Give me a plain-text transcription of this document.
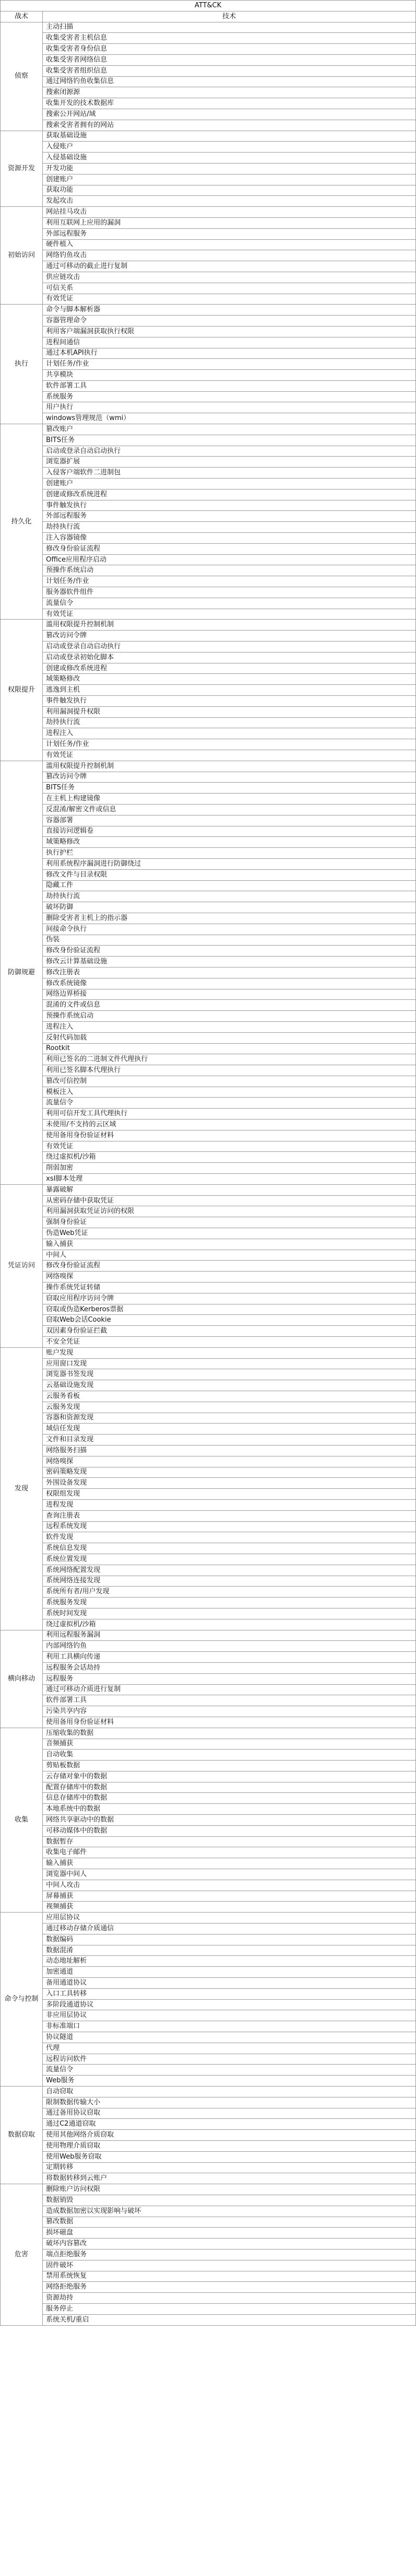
ATT&CK	
战术	技术
侦察	主动扫描
	收集受害者主机信息
	收集受害者身份信息
	收集受害者网络信息
	收集受害者组织信息
	通过网络钓鱼收集信息
	搜索闭源源
	收集开发的技术数据库
	搜索公开网站/域
	搜索受害者拥有的网站
资源开发	获取基础设施
	入侵账户
	入侵基础设施
	开发功能
	创建账户
	获取功能
	发起攻击
初始访问	网站挂马攻击
	利用互联网上应用的漏洞
	外部远程服务
	硬件植入
	网络钓鱼攻击
	通过可移动的截止进行复制
	供应链攻击
	可信关系
	有效凭证
执行	命令与脚本解析器
	容器管理命令
	利用客户端漏洞获取执行权限
	进程间通信
	通过本机API执行
	计划任务/作业
	共享模块
	软件部署工具
	系统服务
	用户执行
	windows管理规范（wmi）
持久化	篡改账户
	BITS任务
	启动或登录自动启动执行
	浏览器扩展
	入侵客户端软件二进制包
	创建账户
	创建或修改系统进程
	事件触发执行
	外部远程服务
	劫持执行流
	注入容器镜像
	修改身份验证流程
	Office应用程序启动
	预操作系统启动
	计划任务/作业
	服务器软件组件
	流量信令
	有效凭证
权限提升	滥用权限提升控制机制
	篡改访问令牌
	启动或登录自动启动执行
	启动或登录初始化脚本
	创建或修改系统进程
	域策略修改
	逃逸到主机
	事件触发执行
	利用漏洞提升权限
	劫持执行流
	进程注入
	计划任务/作业
	有效凭证
防御规避	滥用权限提升控制机制
	篡改访问令牌
	BITS任务
	在主机上构建镜像
	反混淆/解密文件或信息
	容器部署
	直接访问逻辑卷
	域策略修改
	执行护栏
	利用系统程序漏洞进行防御绕过
	修改文件与目录权限
	隐藏工件
	劫持执行流
	破坏防御
	删除受害者主机上的指示器
	间接命令执行
	伪装
	修改身份验证流程
	修改云计算基础设施
	修改注册表
	修改系统镜像
	网络边界桥接
	混淆的文件或信息
	预操作系统启动
	进程注入
	反射代码加载
	Rootkit
	利用已签名的二进制文件代理执行
	利用已签名脚本代理执行
	篡改可信控制
	模板注入
	流量信令
	利用可信开发工具代理执行
	未使用/不支持的云区域
	使用备用身份验证材料
	有效凭证
	绕过虚拟机/沙箱
	削弱加密
	xsl脚本处理
凭证访问	暴露破解
	从密码存储中获取凭证
	利用漏洞获取凭证访问的权限
	强制身份验证
	伪造Web凭证
	输入捕获
	中间人
	修改身份验证流程
	网络嗅探
	操作系统凭证转储
	窃取应用程序访问令牌
	窃取或伪造Kerberos票据
	窃取Web会话Cookie
	双因素身份验证拦截
	不安全凭证
发现	账户发现
	应用窗口发现
	浏览器书签发现
	云基础设施发现
	云服务看板
	云服务发现
	容器和资源发现
	域信任发现
	文件和目录发现
	网络服务扫描
	网络嗅探
	密码策略发现
	外围设备发现
	权限组发现
	进程发现
	查询注册表
	远程系统发现
	软件发现
	系统信息发现
	系统位置发现
	系统网络配置发现
	系统网络连接发现
	系统所有者/用户发现
	系统服务发现
	系统时间发现
	绕过虚拟机/沙箱
横向移动	利用远程服务漏洞
	内部网络钓鱼
	利用工具横向传递
	远程服务会话劫持
	远程服务
	通过可移动介质进行复制
	软件部署工具
	污染共享内容
	使用备用身份验证材料
收集	压缩收集的数据
	音频捕获
	自动收集
	剪贴板数据
	云存储对象中的数据
	配置存储库中的数据
	信息存储库中的数据
	本地系统中的数据
	网络共享驱动中的数据
	可移动媒体中的数据
	数据暂存
	收集电子邮件
	输入捕获
	浏览器中间人
	中间人攻击
	屏幕捕获
	视频捕获
命令与控制	应用层协议
	通过移动存储介质通信
	数据编码
	数据混淆
	动态地址解析
	加密通道
	备用通道协议
	入口工具转移
	多阶段通道协议
	非应用层协议
	非标准端口
	协议隧道
	代理
	远程访问软件
	流量信令
	Web服务
数据窃取	自动窃取
	限制数据传输大小
	通过备用协议窃取
	通过C2通道窃取
	使用其他网络介质窃取
	使用物理介质窃取
	使用Web服务窃取
	定期转移
	将数据转移到云账户
危害	删除账户访问权限
	数据销毁
	造成数据加密以实现影响与破坏
	篡改数据
	损坏磁盘
	破坏内容篡改
	端点拒绝服务
	固件破坏
	禁用系统恢复
	网络拒绝服务
	资源劫持
	服务停止
	系统关机/重启
